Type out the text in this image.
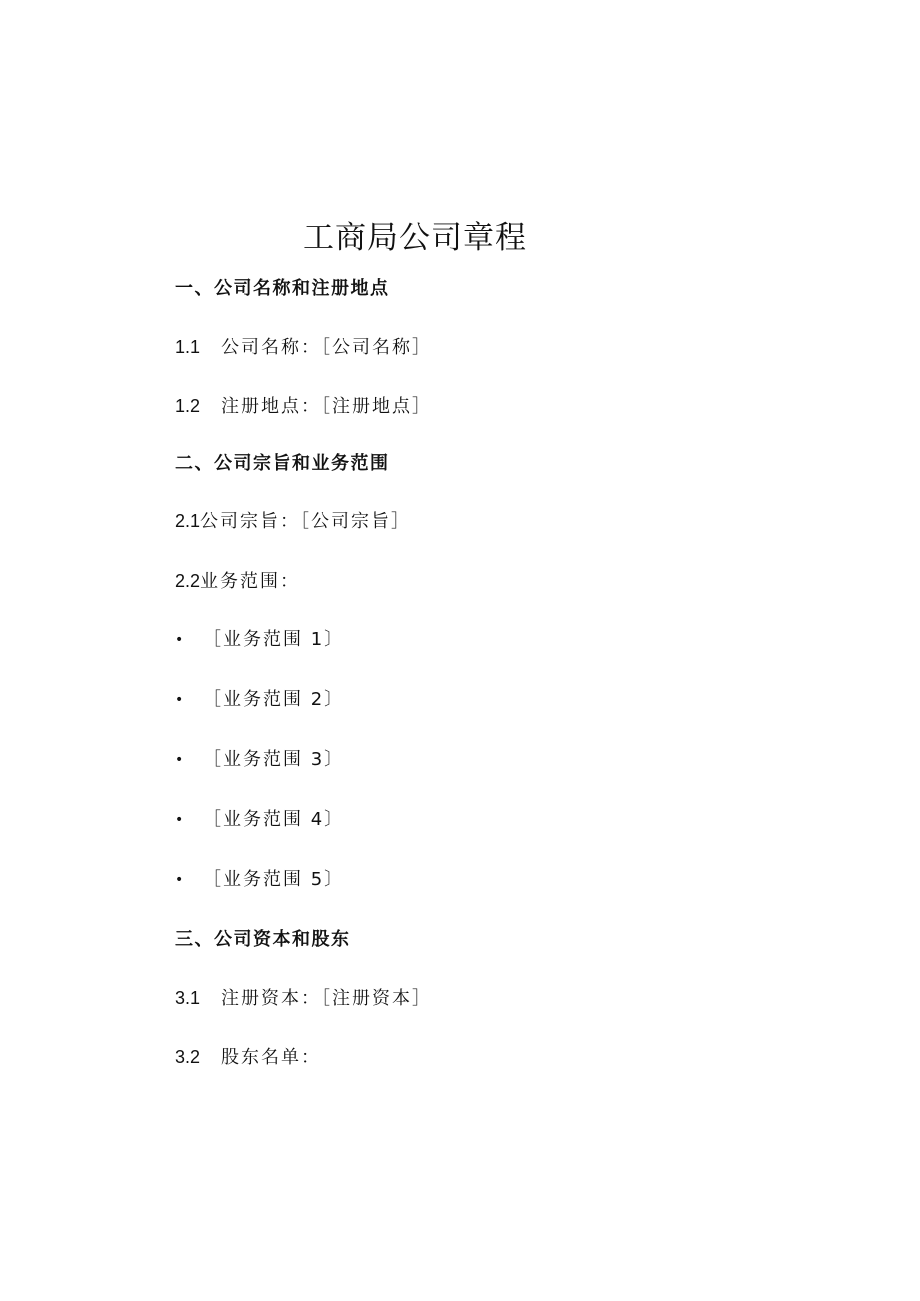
工商局公司章程
一、公司名称和注册地点
1.1 公司名称：［公司名称］
1.2 注册地点：［注册地点］
二、公司宗旨和业务范围
2.1公司宗旨：［公司宗旨］
2.2业务范围：
• ［业务范围 1〕
• ［业务范围 2〕
• ［业务范围 3〕
• ［业务范围 4〕
• ［业务范围 5〕
三、公司资本和股东
3.1 注册资本：［注册资本］
3.2 股东名单：
